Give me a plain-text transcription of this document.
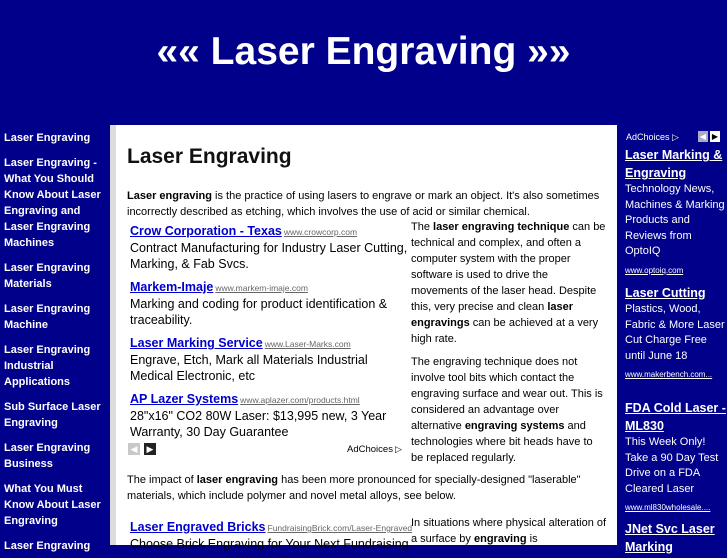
«« Laser Engraving »»
Laser Engraving
Laser Engraving - What You Should Know About Laser Engraving and Laser Engraving Machines
Laser Engraving Materials
Laser Engraving Machine
Laser Engraving Industrial Applications
Sub Surface Laser Engraving
Laser Engraving Business
What You Must Know About Laser Engraving
Laser Engraving
Laser Engraving
Laser engraving is the practice of using lasers to engrave or mark an object. It's also sometimes incorrectly described as etching, which involves the use of acid or similar chemical.
Crow Corporation - Texas www.crowcorp.com
Contract Manufacturing for Industry Laser Cutting, Marking, & Fab Svcs.
Markem-Imaje www.markem-imaje.com
Marking and coding for product identification & traceability.
Laser Marking Service www.Laser-Marks.com
Engrave, Etch, Mark all Materials Industrial Medical Electronic, etc
AP Lazer Systems www.aplazer.com/products.html
28"x16" CO2 80W Laser: $13,995 new, 3 Year Warranty, 30 Day Guarantee
◀ ▶	AdChoices ▷
The laser engraving technique can be technical and complex, and often a computer system with the proper software is used to drive the movements of the laser head. Despite this, very precise and clean laser engravings can be achieved at a very high rate.
The engraving technique does not involve tool bits which contact the engraving surface and wear out. This is considered an advantage over alternative engraving systems and technologies where bit heads have to be replaced regularly.
The impact of laser engraving has been more pronounced for specially-designed "laserable" materials, which include polymer and novel metal alloys, see below.
Laser Engraved Bricks FundraisingBrick.com/Laser-Engraved
Choose Brick Engraving for Your Next Fundraising
In situations where physical alteration of a surface by engraving is
AdChoices ▷	◀ ▶
Laser Marking & Engraving
Technology News, Machines & Marking Products and Reviews from OptoIQ
www.optoiq.com
Laser Cutting
Plastics, Wood, Fabric & More Laser Cut Charge Free until June 18
www.makerbench.com...
FDA Cold Laser - ML830
This Week Only! Take a 90 Day Test Drive on a FDA Cleared Laser
www.ml830wholesale....
JNet Svc Laser Marking
